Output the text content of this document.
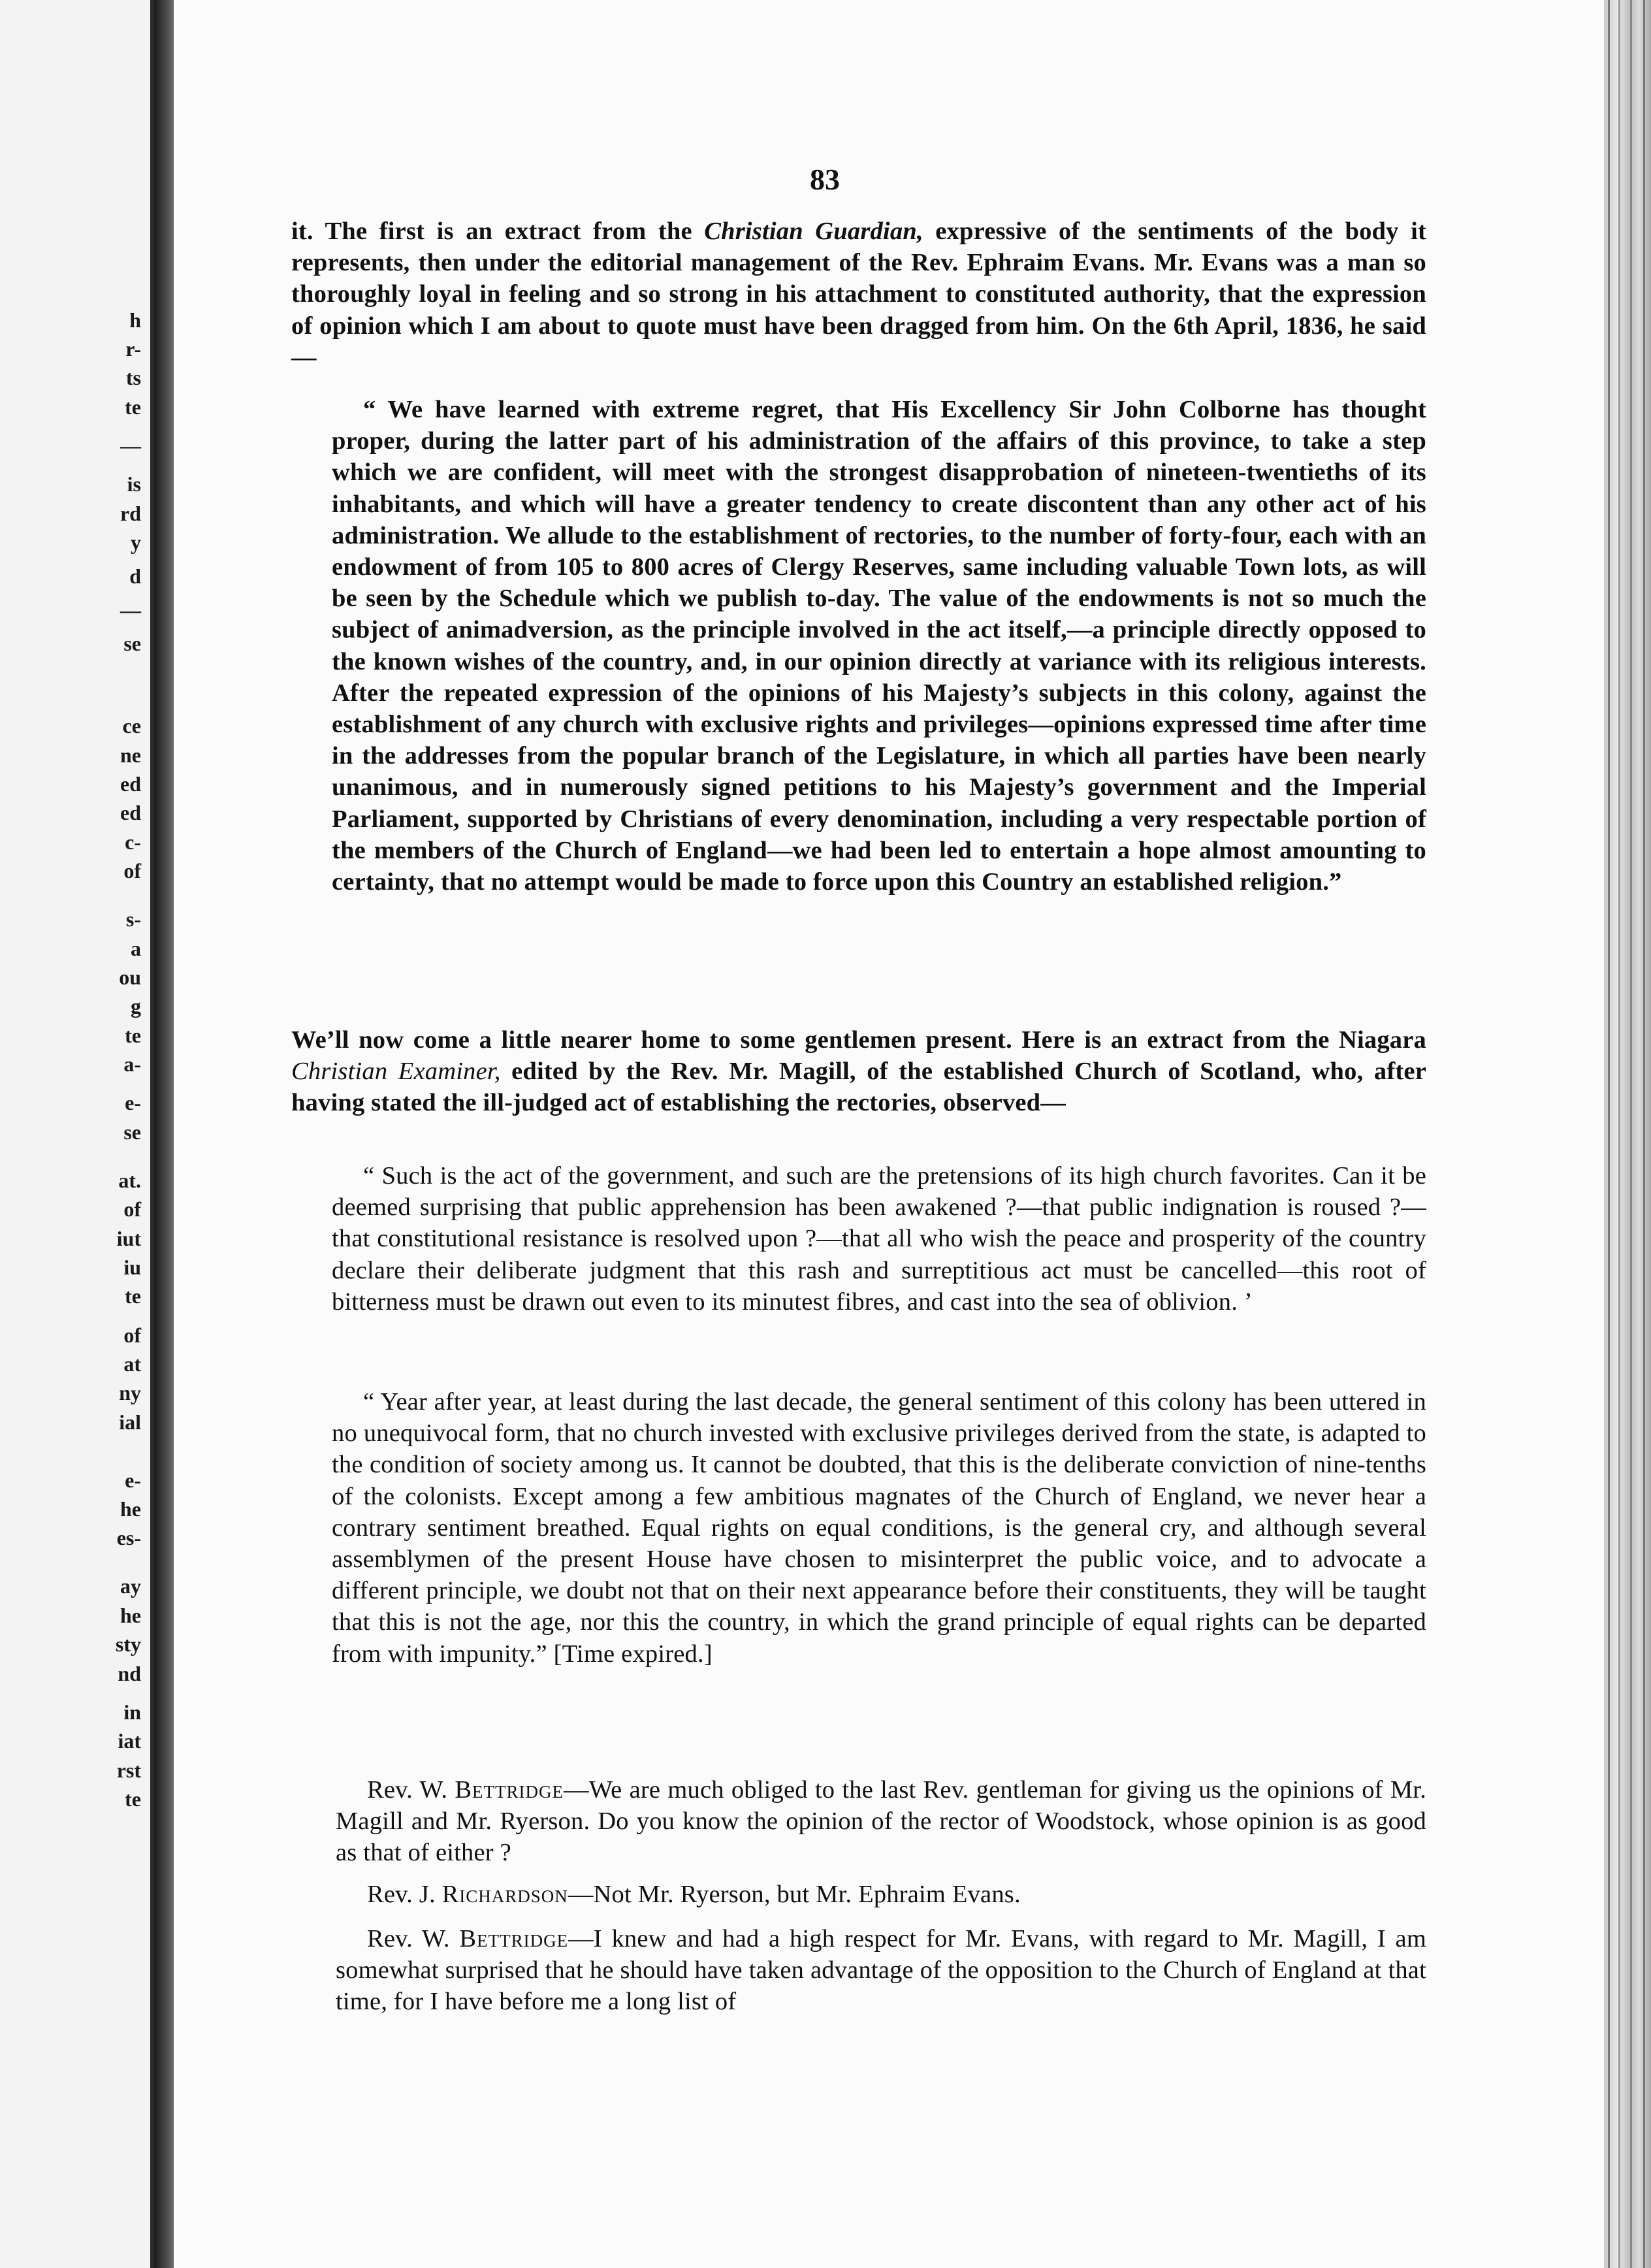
h
r-
ts
te
—
is
rd
y
d
—
se
ce
ne
ed
ed
c-
of
s-
a
ou
g
te
a-
e-
se
at.
of
iut
iu
te
of
at
ny
ial
e-
he
es-
ay
he
sty
nd
in
iat
rst
te
83

it. The first is an extract from the Christian Guardian, expressive of the sentiments of the body it represents, then under the editorial management of the Rev. Ephraim Evans. Mr. Evans was a man so thoroughly loyal in feeling and so strong in his attachment to constituted authority, that the expression of opinion which I am about to quote must have been dragged from him. On the 6th April, 1836, he said—

“ We have learned with extreme regret, that His Excellency Sir John Colborne has thought proper, during the latter part of his administration of the affairs of this province, to take a step which we are confident, will meet with the strongest disapprobation of nineteen-twentieths of its inhabitants, and which will have a greater tendency to create discontent than any other act of his administration. We allude to the establishment of rectories, to the number of forty-four, each with an endowment of from 105 to 800 acres of Clergy Reserves, same including valuable Town lots, as will be seen by the Schedule which we publish to-day. The value of the endowments is not so much the subject of animadversion, as the principle involved in the act itself,—a principle directly opposed to the known wishes of the country, and, in our opinion directly at variance with its religious interests. After the repeated expression of the opinions of his Majesty’s subjects in this colony, against the establishment of any church with exclusive rights and privileges—opinions expressed time after time in the addresses from the popular branch of the Legislature, in which all parties have been nearly unanimous, and in numerously signed petitions to his Majesty’s government and the Imperial Parliament, supported by Christians of every denomination, including a very respectable portion of the members of the Church of England—we had been led to entertain a hope almost amounting to certainty, that no attempt would be made to force upon this Country an established religion.”

We’ll now come a little nearer home to some gentlemen present. Here is an extract from the Niagara Christian Examiner, edited by the Rev. Mr. Magill, of the established Church of Scotland, who, after having stated the ill-judged act of establishing the rectories, observed—

“ Such is the act of the government, and such are the pretensions of its high church favorites. Can it be deemed surprising that public apprehension has been awakened ?—that public indignation is roused ?—that constitutional resistance is resolved upon ?—that all who wish the peace and prosperity of the country declare their deliberate judgment that this rash and surreptitious act must be cancelled—this root of bitterness must be drawn out even to its minutest fibres, and cast into the sea of oblivion. ’

“ Year after year, at least during the last decade, the general sentiment of this colony has been uttered in no unequivocal form, that no church invested with exclusive privileges derived from the state, is adapted to the condition of society among us. It cannot be doubted, that this is the deliberate conviction of nine-tenths of the colonists. Except among a few ambitious magnates of the Church of England, we never hear a contrary sentiment breathed. Equal rights on equal conditions, is the general cry, and although several assemblymen of the present House have chosen to misinterpret the public voice, and to advocate a different principle, we doubt not that on their next appearance before their constituents, they will be taught that this is not the age, nor this the country, in which the grand principle of equal rights can be departed from with impunity.” [Time expired.]

Rev. W. Bettridge—We are much obliged to the last Rev. gentleman for giving us the opinions of Mr. Magill and Mr. Ryerson. Do you know the opinion of the rector of Woodstock, whose opinion is as good as that of either ?

Rev. J. Richardson—Not Mr. Ryerson, but Mr. Ephraim Evans.

Rev. W. Bettridge—I knew and had a high respect for Mr. Evans, with regard to Mr. Magill, I am somewhat surprised that he should have taken advantage of the opposition to the Church of England at that time, for I have before me a long list of
